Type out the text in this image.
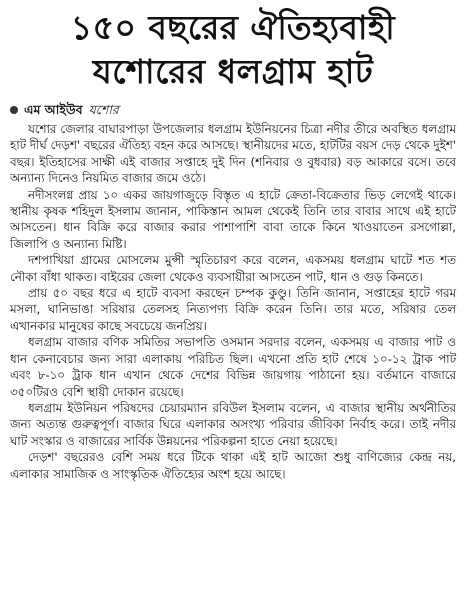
১৫০ বছরের ঐতিহ্যবাহী
যশোরের ধলগ্রাম হাট
এম আইউব যশোর

যশোর জেলার বাঘারপাড়া উপজেলার ধলগ্রাম ইউনিয়নের চিত্রা নদীর তীরে অবস্থিত ধলগ্রাম হাট দীর্ঘ দেড়শ' বছরের ঐতিহ্য বহন করে আসছে। স্থানীয়দের মতে, হাটটির বয়স দেড় থেকে দুইশ' বছর। ইতিহাসের সাক্ষী এই বাজার সপ্তাহে দুই দিন (শনিবার ও বুধবার) বড় আকারে বসে। তবে অন্যান্য দিনেও নিয়মিত বাজার জমে ওঠে।

নদীসংলগ্ন প্রায় ১০ একর জায়গাজুড়ে বিস্তৃত এ হাটে ক্রেতা-বিক্রেতার ভিড় লেগেই থাকে। স্থানীয় কৃষক শহিদুল ইসলাম জানান, পাকিস্তান আমল থেকেই তিনি তার বাবার সাথে এই হাটে আসতেন। ধান বিক্রি করে বাজার করার পাশাপাশি বাবা তাকে কিনে খাওয়াতেন রসগোল্লা, জিলাপি ও অন্যান্য মিষ্টি।

দশপাখিয়া গ্রামের মোসলেম মুন্সী স্মৃতিচারণ করে বলেন, একসময় ধলগ্রাম ঘাটে শত শত নৌকা বাঁধা থাকত। বাইরের জেলা থেকেও ব্যবসায়ীরা আসতেন পাট, ধান ও গুড় কিনতে।

প্রায় ৫০ বছর ধরে এ হাটে ব্যবসা করছেন চম্পক কুণ্ডু। তিনি জানান, সপ্তাহের হাটে গরম মসলা, ঘানিভাঙা সরিষার তেলসহ নিত্যপণ্য বিক্রি করেন তিনি। তার মতে, সরিষার তেল এখানকার মানুষের কাছে সবচেয়ে জনপ্রিয়।

ধলগ্রাম বাজার বণিক সমিতির সভাপতি ওসমান সরদার বলেন, একসময় এ বাজার পাট ও ধান কেনাবেচার জন্য সারা এলাকায় পরিচিত ছিল। এখনো প্রতি হাট শেষে ১০-১২ ট্রাক পাট এবং ৮-১০ ট্রাক ধান এখান থেকে দেশের বিভিন্ন জায়গায় পাঠানো হয়। বর্তমানে বাজারে ৩৫০টিরও বেশি স্থায়ী দোকান রয়েছে।

ধলগ্রাম ইউনিয়ন পরিষদের চেয়ারম্যান রবিউল ইসলাম বলেন, এ বাজার স্থানীয় অর্থনীতির জন্য অত্যন্ত গুরুত্বপূর্ণ। বাজার ঘিরে এলাকার অসংখ্য পরিবার জীবিকা নির্বাহ করে। তাই নদীর ঘাট সংস্কার ও বাজারের সার্বিক উন্নয়নের পরিকল্পনা হাতে নেয়া হয়েছে।

দেড়শ' বছরেরও বেশি সময় ধরে টিকে থাকা এই হাট আজো শুধু বাণিজ্যের কেন্দ্র নয়, এলাকার সামাজিক ও সাংস্কৃতিক ঐতিহ্যের অংশ হয়ে আছে।
